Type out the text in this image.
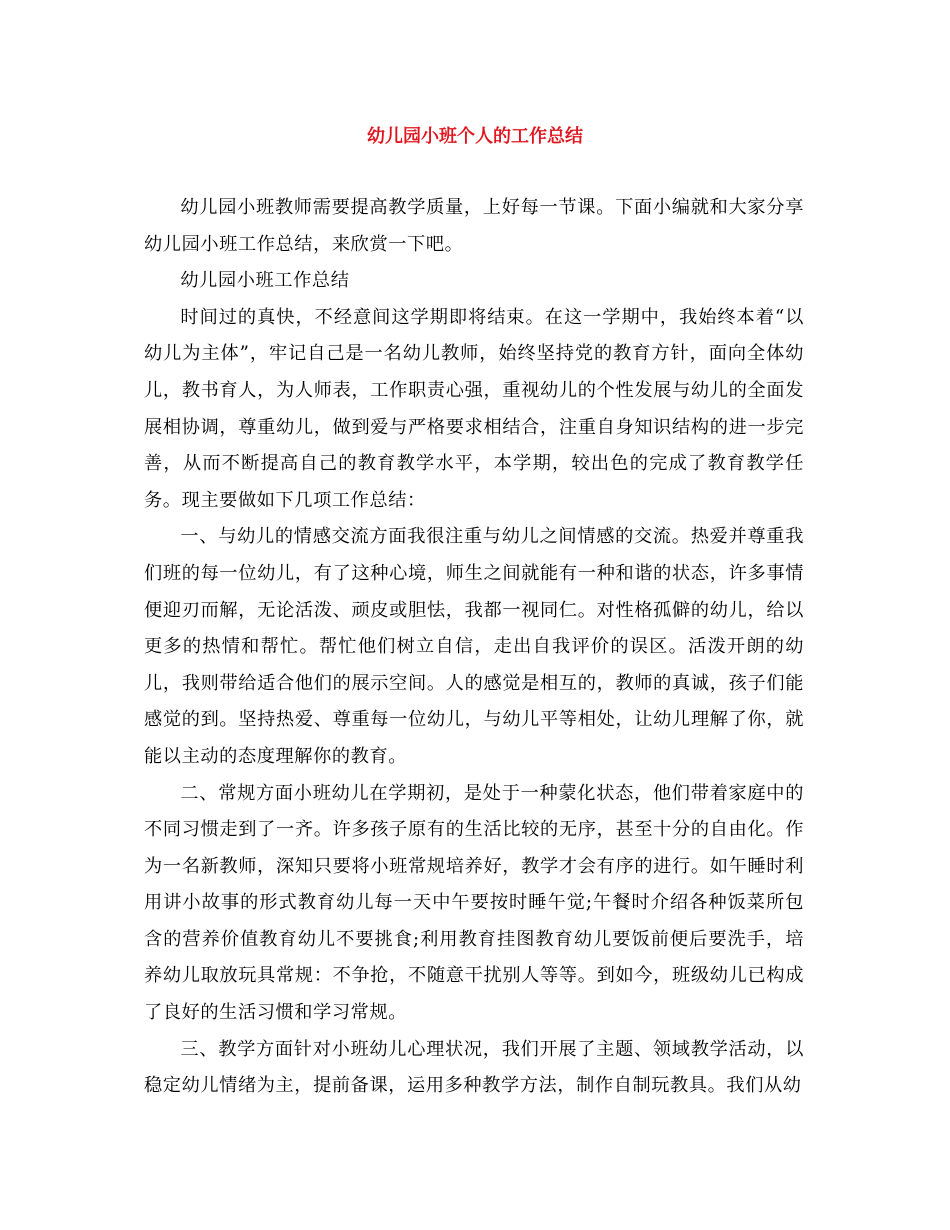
幼儿园小班个人的工作总结

幼儿园小班教师需要提高教学质量，上好每一节课。下面小编就和大家分享幼儿园小班工作总结，来欣赏一下吧。

幼儿园小班工作总结

时间过的真快，不经意间这学期即将结束。在这一学期中，我始终本着“以幼儿为主体”，牢记自己是一名幼儿教师，始终坚持党的教育方针，面向全体幼儿，教书育人，为人师表，工作职责心强，重视幼儿的个性发展与幼儿的全面发展相协调，尊重幼儿，做到爱与严格要求相结合，注重自身知识结构的进一步完善，从而不断提高自己的教育教学水平，本学期，较出色的完成了教育教学任务。现主要做如下几项工作总结：

一、与幼儿的情感交流方面我很注重与幼儿之间情感的交流。热爱并尊重我们班的每一位幼儿，有了这种心境，师生之间就能有一种和谐的状态，许多事情便迎刃而解，无论活泼、顽皮或胆怯，我都一视同仁。对性格孤僻的幼儿，给以更多的热情和帮忙。帮忙他们树立自信，走出自我评价的误区。活泼开朗的幼儿，我则带给适合他们的展示空间。人的感觉是相互的，教师的真诚，孩子们能感觉的到。坚持热爱、尊重每一位幼儿，与幼儿平等相处，让幼儿理解了你，就能以主动的态度理解你的教育。

二、常规方面小班幼儿在学期初，是处于一种蒙化状态，他们带着家庭中的不同习惯走到了一齐。许多孩子原有的生活比较的无序，甚至十分的自由化。作为一名新教师，深知只要将小班常规培养好，教学才会有序的进行。如午睡时利用讲小故事的形式教育幼儿每一天中午要按时睡午觉;午餐时介绍各种饭菜所包含的营养价值教育幼儿不要挑食;利用教育挂图教育幼儿要饭前便后要洗手，培养幼儿取放玩具常规：不争抢，不随意干扰别人等等。到如今，班级幼儿已构成了良好的生活习惯和学习常规。

三、教学方面针对小班幼儿心理状况，我们开展了主题、领域教学活动，以稳定幼儿情绪为主，提前备课，运用多种教学方法，制作自制玩教具。我们从幼
